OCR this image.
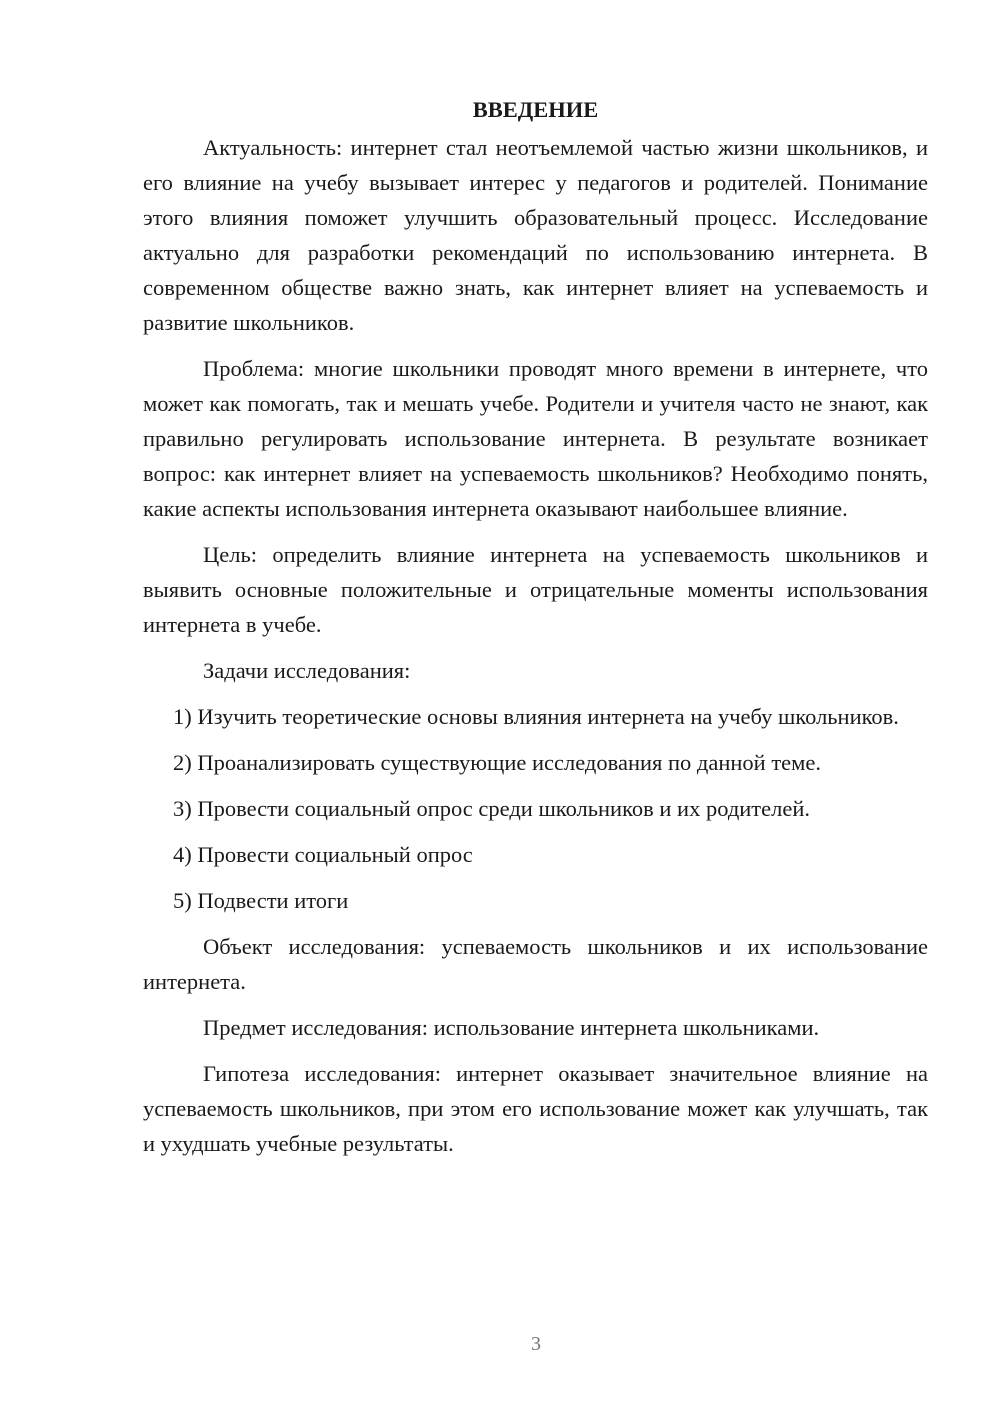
ВВЕДЕНИЕ

Актуальность: интернет стал неотъемлемой частью жизни школьников, и его влияние на учебу вызывает интерес у педагогов и родителей. Понимание этого влияния поможет улучшить образовательный процесс. Исследование актуально для разработки рекомендаций по использованию интернета. В современном обществе важно знать, как интернет влияет на успеваемость и развитие школьников.

Проблема: многие школьники проводят много времени в интернете, что может как помогать, так и мешать учебе. Родители и учителя часто не знают, как правильно регулировать использование интернета. В результате возникает вопрос: как интернет влияет на успеваемость школьников? Необходимо понять, какие аспекты использования интернета оказывают наибольшее влияние.

Цель: определить влияние интернета на успеваемость школьников и выявить основные положительные и отрицательные моменты использования интернета в учебе.

Задачи исследования:

1) Изучить теоретические основы влияния интернета на учебу школьников.

2) Проанализировать существующие исследования по данной теме.

3) Провести социальный опрос среди школьников и их родителей.

4) Провести социальный опрос

5) Подвести итоги

Объект исследования: успеваемость школьников и их использование интернета.

Предмет исследования: использование интернета школьниками.

Гипотеза исследования: интернет оказывает значительное влияние на успеваемость школьников, при этом его использование может как улучшать, так и ухудшать учебные результаты.

3
